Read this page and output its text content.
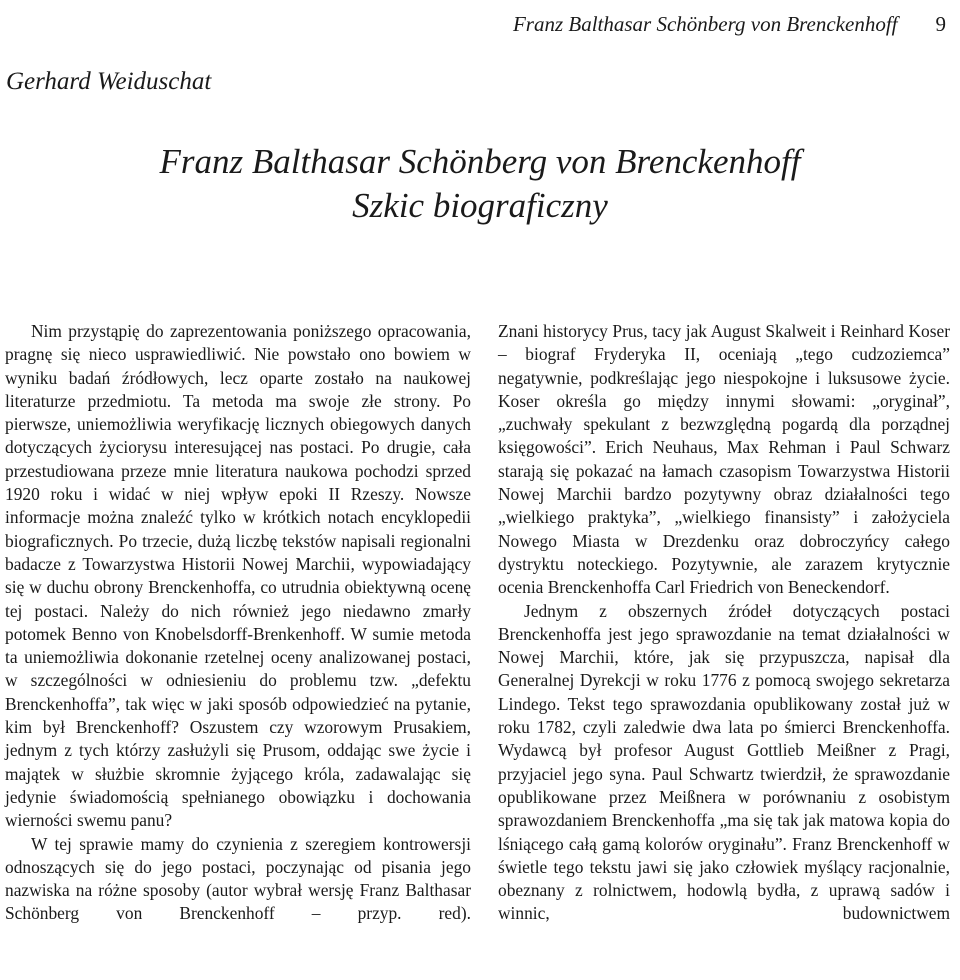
Franz Balthasar Schönberg von Brenckenhoff 9
Gerhard Weiduschat
Franz Balthasar Schönberg von Brenckenhoff
Szkic biograficzny

Nim przystąpię do zaprezentowania poniższego opracowania, pragnę się nieco usprawiedliwić. Nie powstało ono bowiem w wyniku badań źródłowych, lecz oparte zostało na naukowej literaturze przedmiotu. Ta metoda ma swoje złe strony. Po pierwsze, uniemożliwia weryfikację licznych obiegowych danych dotyczących życiorysu interesującej nas postaci. Po drugie, cała przestudiowana przeze mnie literatura naukowa pochodzi sprzed 1920 roku i widać w niej wpływ epoki II Rzeszy. Nowsze informacje można znaleźć tylko w krótkich notach encyklopedii biograficznych. Po trzecie, dużą liczbę tekstów napisali regionalni badacze z Towarzystwa Historii Nowej Marchii, wypowiadający się w duchu obrony Brenckenhoffa, co utrudnia obiektywną ocenę tej postaci. Należy do nich również jego niedawno zmarły potomek Benno von Knobelsdorff-Brenkenhoff. W sumie metoda ta uniemożliwia dokonanie rzetelnej oceny analizowanej postaci, w szczególności w odniesieniu do problemu tzw. „defektu Brenckenhoffa”, tak więc w jaki sposób odpowiedzieć na pytanie, kim był Brenckenhoff? Oszustem czy wzorowym Prusakiem, jednym z tych którzy zasłużyli się Prusom, oddając swe życie i majątek w służbie skromnie żyjącego króla, zadawalając się jedynie świadomością spełnianego obowiązku i dochowania wierności swemu panu?

W tej sprawie mamy do czynienia z szeregiem kontrowersji odnoszących się do jego postaci, poczynając od pisania jego nazwiska na różne sposoby (autor wybrał wersję Franz Balthasar Schönberg von Brenckenhoff – przyp. red).

Znani historycy Prus, tacy jak August Skalweit i Reinhard Koser – biograf Fryderyka II, oceniają „tego cudzoziemca” negatywnie, podkreślając jego niespokojne i luksusowe życie. Koser określa go między innymi słowami: „oryginał”, „zuchwały spekulant z bezwzględną pogardą dla porządnej księgowości”. Erich Neuhaus, Max Rehman i Paul Schwarz starają się pokazać na łamach czasopism Towarzystwa Historii Nowej Marchii bardzo pozytywny obraz działalności tego „wielkiego praktyka”, „wielkiego finansisty” i założyciela Nowego Miasta w Drezdenku oraz dobroczyńcy całego dystryktu noteckiego. Pozytywnie, ale zarazem krytycznie ocenia Brenckenhoffa Carl Friedrich von Beneckendorf.

Jednym z obszernych źródeł dotyczących postaci Brenckenhoffa jest jego sprawozdanie na temat działalności w Nowej Marchii, które, jak się przypuszcza, napisał dla Generalnej Dyrekcji w roku 1776 z pomocą swojego sekretarza Lindego. Tekst tego sprawozdania opublikowany został już w roku 1782, czyli zaledwie dwa lata po śmierci Brenckenhoffa. Wydawcą był profesor August Gottlieb Meißner z Pragi, przyjaciel jego syna. Paul Schwartz twierdził, że sprawozdanie opublikowane przez Meißnera w porównaniu z osobistym sprawozdaniem Brenckenhoffa „ma się tak jak matowa kopia do lśniącego całą gamą kolorów oryginału”. Franz Brenckenhoff w świetle tego tekstu jawi się jako człowiek myślący racjonalnie, obeznany z rolnictwem, hodowlą bydła, z uprawą sadów i winnic, budownictwem
